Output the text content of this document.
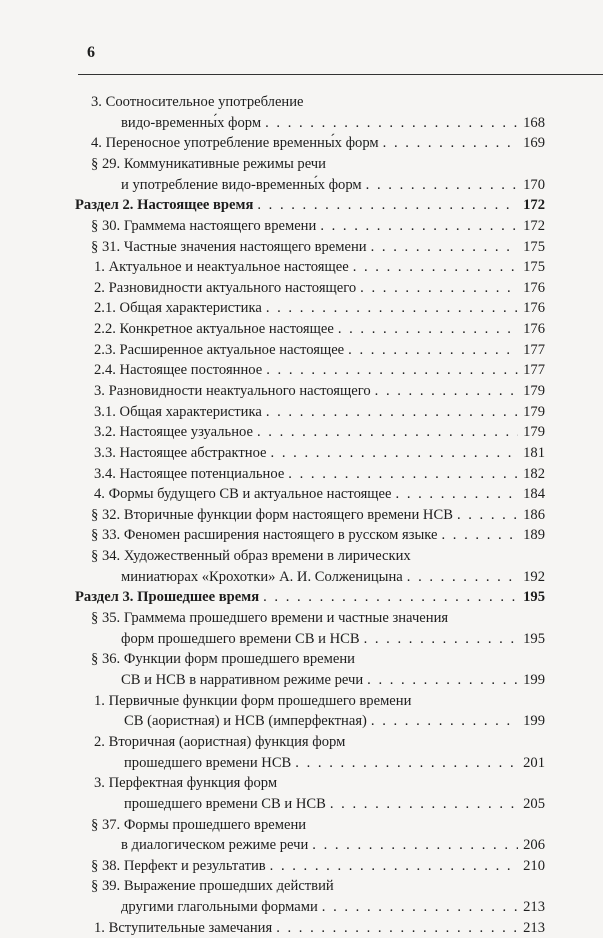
6
3. Соотносительное употребление
видо-временны́х форм . . .	168
4. Переносное употребление временны́х форм . . .	169
§ 29. Коммуникативные режимы речи
и употребление видо-временны́х форм . . .	170
Раздел 2. Настоящее время . . .	172
§ 30. Граммема настоящего времени . . .	172
§ 31. Частные значения настоящего времени . . .	175
1. Актуальное и неактуальное настоящее . . .	175
2. Разновидности актуального настоящего . . .	176
2.1. Общая характеристика . . .	176
2.2. Конкретное актуальное настоящее . . .	176
2.3. Расширенное актуальное настоящее . . .	177
2.4. Настоящее постоянное . . .	177
3. Разновидности неактуального настоящего . . .	179
3.1. Общая характеристика . . .	179
3.2. Настоящее узуальное . . .	179
3.3. Настоящее абстрактное . . .	181
3.4. Настоящее потенциальное . . .	182
4. Формы будущего СВ и актуальное настоящее . . .	184
§ 32. Вторичные функции форм настоящего времени НСВ . . .	186
§ 33. Феномен расширения настоящего в русском языке . . .	189
§ 34. Художественный образ времени в лирических
миниатюрах «Крохотки» А. И. Солженицына . . .	192
Раздел 3. Прошедшее время . . .	195
§ 35. Граммема прошедшего времени и частные значения
форм прошедшего времени СВ и НСВ . . .	195
§ 36. Функции форм прошедшего времени
СВ и НСВ в нарративном режиме речи . . .	199
1. Первичные функции форм прошедшего времени
СВ (аористная) и НСВ (имперфектная) . . .	199
2. Вторичная (аористная) функция форм
прошедшего времени НСВ . . .	201
3. Перфектная функция форм
прошедшего времени СВ и НСВ . . .	205
§ 37. Формы прошедшего времени
в диалогическом режиме речи . . .	206
§ 38. Перфект и результатив . . .	210
§ 39. Выражение прошедших действий
другими глагольными формами . . .	213
1. Вступительные замечания . . .	213
